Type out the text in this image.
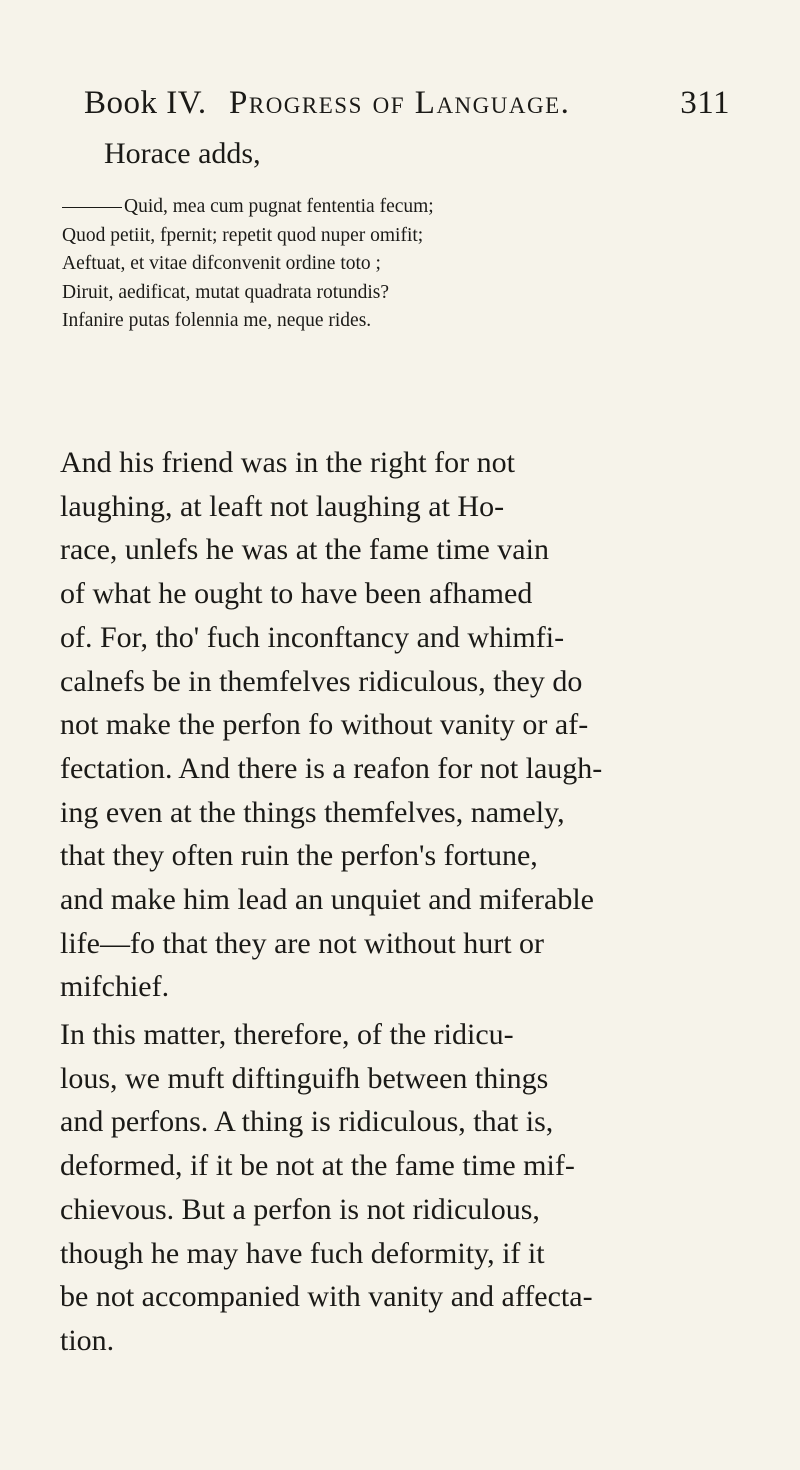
Book IV. Progress of Language.	311
Horace adds,
Quid, mea cum pugnat fententia fecum;
Quod petiit, fpernit; repetit quod nuper omifit;
Aeftuat, et vitae difconvenit ordine toto ;
Diruit, aedificat, mutat quadrata rotundis?
Infanire putas folennia me, neque rides.
And his friend was in the right for not
laughing, at leaft not laughing at Ho-
race, unlefs he was at the fame time vain
of what he ought to have been afhamed
of. For, tho' fuch inconftancy and whimfi-
calnefs be in themfelves ridiculous, they do
not make the perfon fo without vanity or af-
fectation. And there is a reafon for not laugh-
ing even at the things themfelves, namely,
that they often ruin the perfon's fortune,
and make him lead an unquiet and miferable
life—fo that they are not without hurt or
mifchief.
In this matter, therefore, of the ridicu-
lous, we muft diftinguifh between things
and perfons. A thing is ridiculous, that is,
deformed, if it be not at the fame time mif-
chievous. But a perfon is not ridiculous,
though he may have fuch deformity, if it
be not accompanied with vanity and affecta-
tion.
